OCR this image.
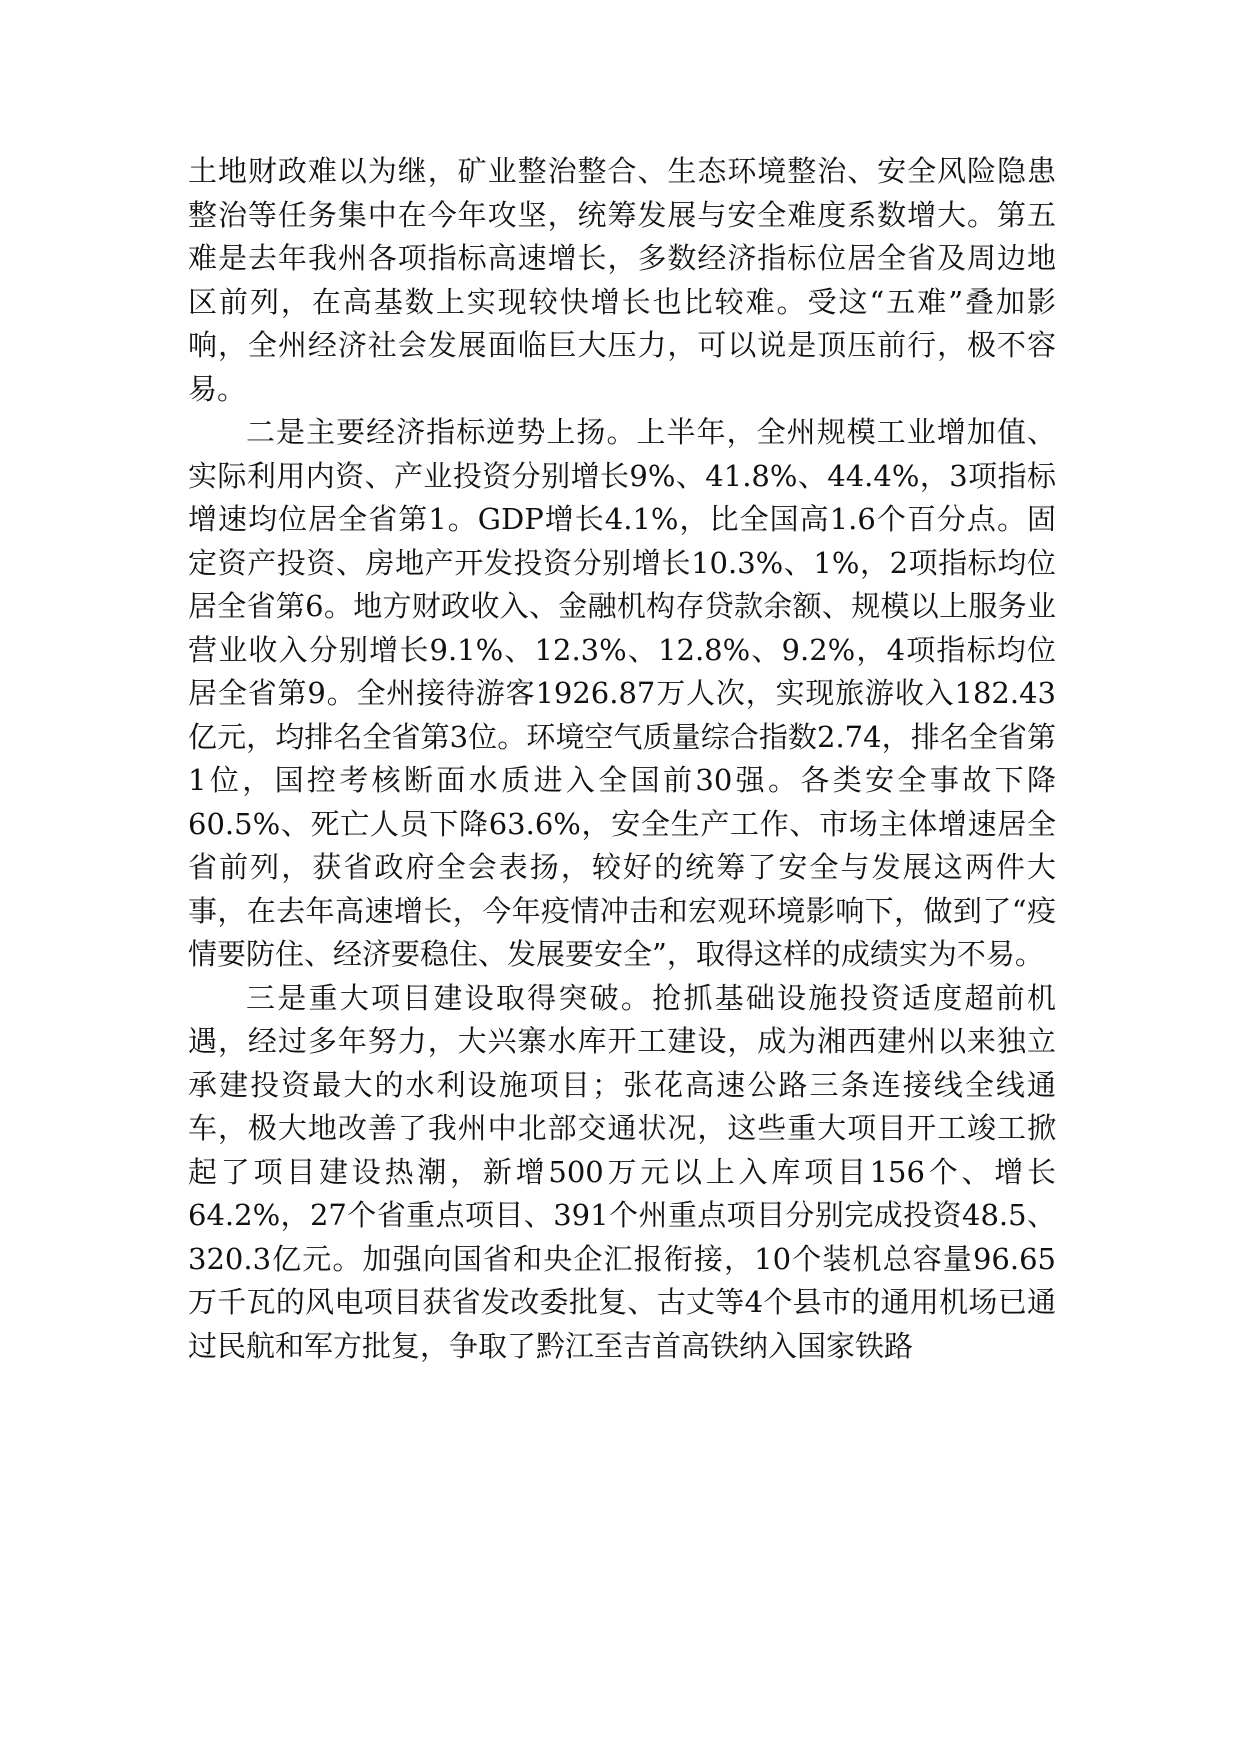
土地财政难以为继，矿业整治整合、生态环境整治、安全风险隐患整治等任务集中在今年攻坚，统筹发展与安全难度系数增大。第五难是去年我州各项指标高速增长，多数经济指标位居全省及周边地区前列，在高基数上实现较快增长也比较难。受这“五难”叠加影响，全州经济社会发展面临巨大压力，可以说是顶压前行，极不容易。

二是主要经济指标逆势上扬。上半年，全州规模工业增加值、实际利用内资、产业投资分别增长9%、41.8%、44.4%，3项指标增速均位居全省第1。GDP增长4.1%，比全国高1.6个百分点。固定资产投资、房地产开发投资分别增长10.3%、1%，2项指标均位居全省第6。地方财政收入、金融机构存贷款余额、规模以上服务业营业收入分别增长9.1%、12.3%、12.8%、9.2%，4项指标均位居全省第9。全州接待游客1926.87万人次，实现旅游收入182.43亿元，均排名全省第3位。环境空气质量综合指数2.74，排名全省第1位，国控考核断面水质进入全国前30强。各类安全事故下降60.5%、死亡人员下降63.6%，安全生产工作、市场主体增速居全省前列，获省政府全会表扬，较好的统筹了安全与发展这两件大事，在去年高速增长，今年疫情冲击和宏观环境影响下，做到了“疫情要防住、经济要稳住、发展要安全”，取得这样的成绩实为不易。

三是重大项目建设取得突破。抢抓基础设施投资适度超前机遇，经过多年努力，大兴寨水库开工建设，成为湘西建州以来独立承建投资最大的水利设施项目；张花高速公路三条连接线全线通车，极大地改善了我州中北部交通状况，这些重大项目开工竣工掀起了项目建设热潮，新增500万元以上入库项目156个、增长64.2%，27个省重点项目、391个州重点项目分别完成投资48.5、320.3亿元。加强向国省和央企汇报衔接，10个装机总容量96.65万千瓦的风电项目获省发改委批复、古丈等4个县市的通用机场已通过民航和军方批复，争取了黔江至吉首高铁纳入国家铁路
